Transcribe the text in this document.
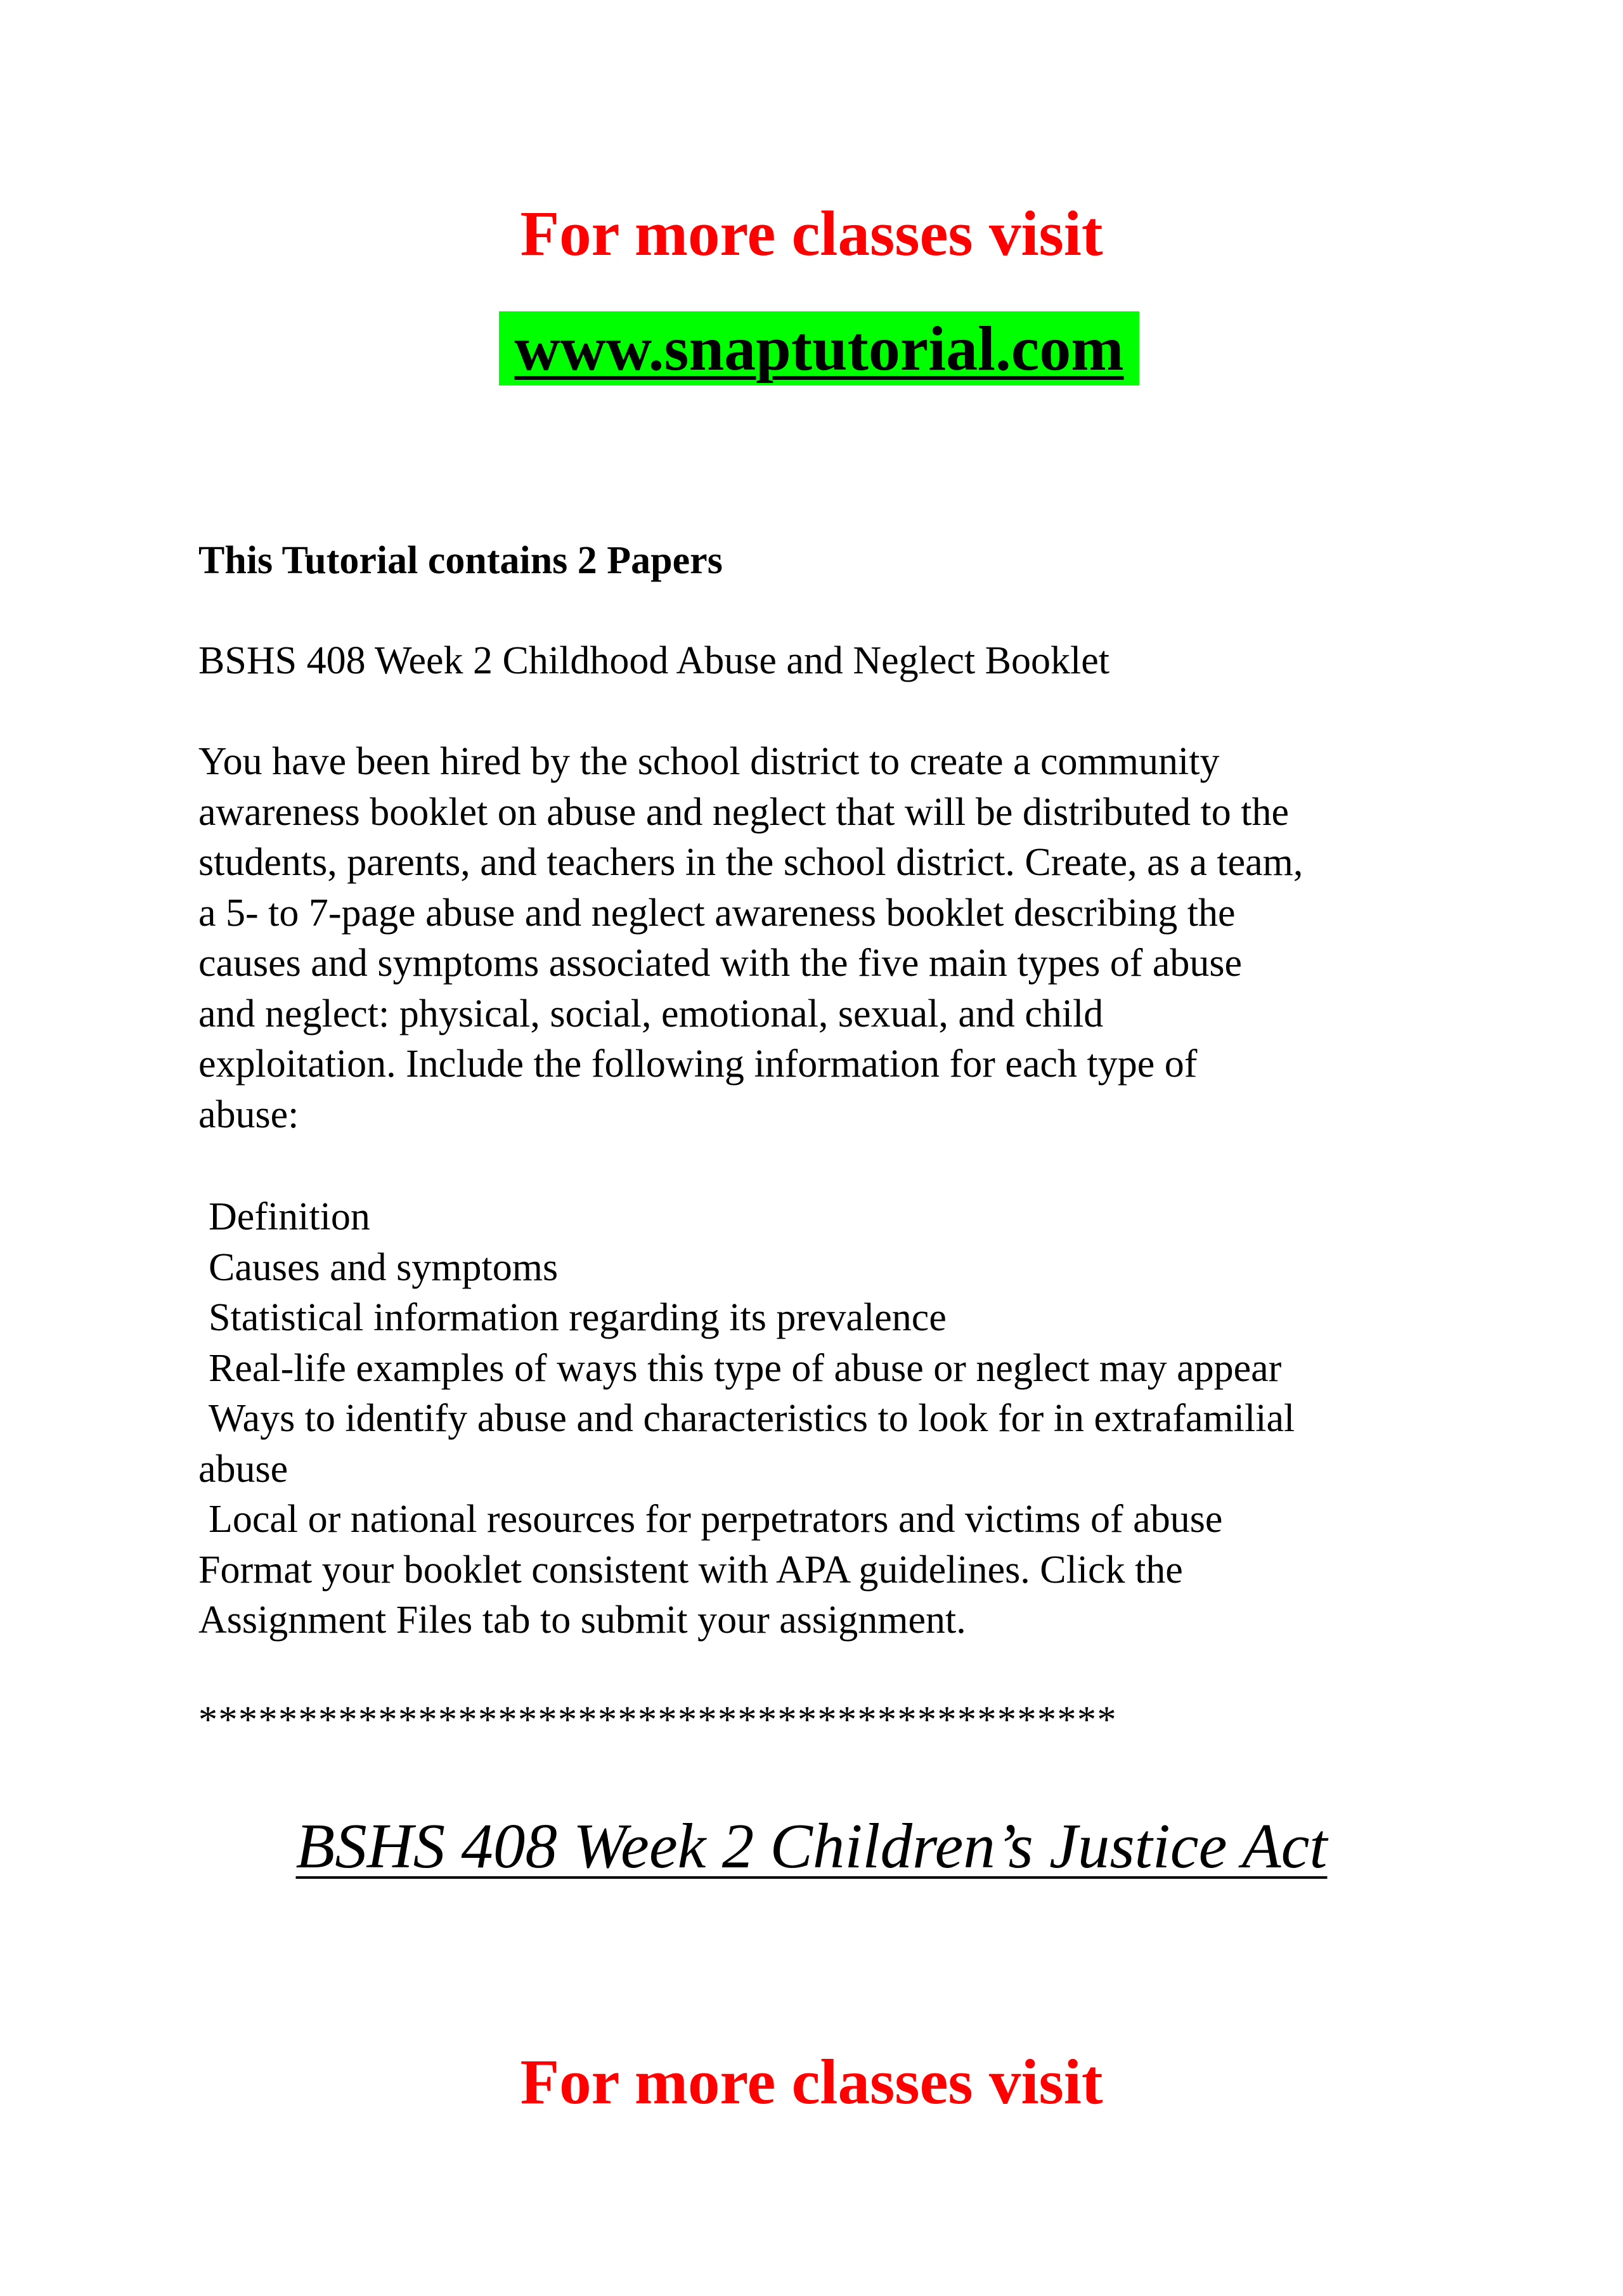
For more classes visit
www.snaptutorial.com
This Tutorial contains 2 Papers
BSHS 408 Week 2 Childhood Abuse and Neglect Booklet
You have been hired by the school district to create a community
awareness booklet on abuse and neglect that will be distributed to the
students, parents, and teachers in the school district. Create, as a team,
a 5- to 7-page abuse and neglect awareness booklet describing the
causes and symptoms associated with the five main types of abuse
and neglect: physical, social, emotional, sexual, and child
exploitation. Include the following information for each type of
abuse:
Definition
Causes and symptoms
Statistical information regarding its prevalence
Real-life examples of ways this type of abuse or neglect may appear
Ways to identify abuse and characteristics to look for in extrafamilial
abuse
Local or national resources for perpetrators and victims of abuse
Format your booklet consistent with APA guidelines. Click the
Assignment Files tab to submit your assignment.
**********************************************
BSHS 408 Week 2 Children’s Justice Act
For more classes visit
